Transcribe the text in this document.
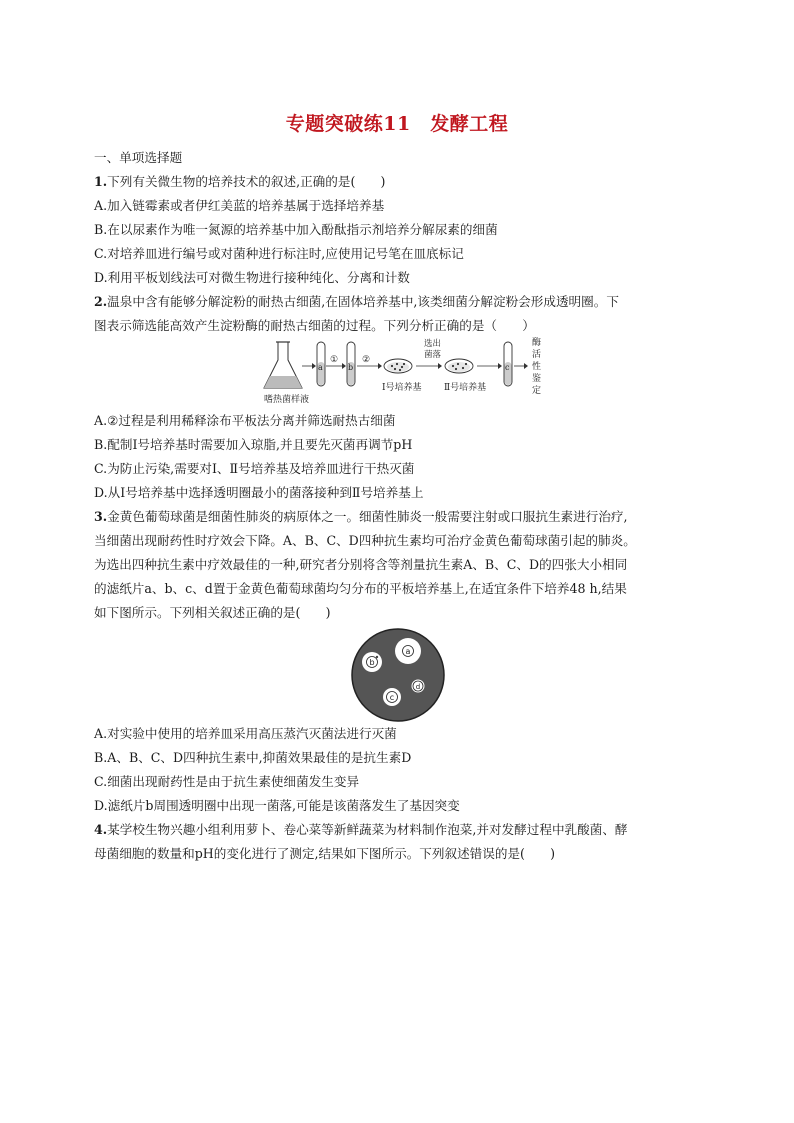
专题突破练11　发酵工程
一、单项选择题
1.下列有关微生物的培养技术的叙述,正确的是(　　)
A.加入链霉素或者伊红美蓝的培养基属于选择培养基
B.在以尿素作为唯一氮源的培养基中加入酚酞指示剂培养分解尿素的细菌
C.对培养皿进行编号或对菌种进行标注时,应使用记号笔在皿底标记
D.利用平板划线法可对微生物进行接种纯化、分离和计数
2.温泉中含有能够分解淀粉的耐热古细菌,在固体培养基中,该类细菌分解淀粉会形成透明圈。下
图表示筛选能高效产生淀粉酶的耐热古细菌的过程。下列分析正确的是（　　）
嗜热菌样液
a
①
b
②
Ⅰ号培养基
选出
菌落
Ⅱ号培养基
c
酶
活
性
鉴
定
A.②过程是利用稀释涂布平板法分离并筛选耐热古细菌
B.配制Ⅰ号培养基时需要加入琼脂,并且要先灭菌再调节pH
C.为防止污染,需要对Ⅰ、Ⅱ号培养基及培养皿进行干热灭菌
D.从Ⅰ号培养基中选择透明圈最小的菌落接种到Ⅱ号培养基上
3.金黄色葡萄球菌是细菌性肺炎的病原体之一。细菌性肺炎一般需要注射或口服抗生素进行治疗,
当细菌出现耐药性时疗效会下降。A、B、C、D四种抗生素均可治疗金黄色葡萄球菌引起的肺炎。
为选出四种抗生素中疗效最佳的一种,研究者分别将含等剂量抗生素A、B、C、D的四张大小相同
的滤纸片a、b、c、d置于金黄色葡萄球菌均匀分布的平板培养基上,在适宜条件下培养48 h,结果
如下图所示。下列相关叙述正确的是(　　)
a
b
c
d
A.对实验中使用的培养皿采用高压蒸汽灭菌法进行灭菌
B.A、B、C、D四种抗生素中,抑菌效果最佳的是抗生素D
C.细菌出现耐药性是由于抗生素使细菌发生变异
D.滤纸片b周围透明圈中出现一菌落,可能是该菌落发生了基因突变
4.某学校生物兴趣小组利用萝卜、卷心菜等新鲜蔬菜为材料制作泡菜,并对发酵过程中乳酸菌、酵
母菌细胞的数量和pH的变化进行了测定,结果如下图所示。下列叙述错误的是(　　)
